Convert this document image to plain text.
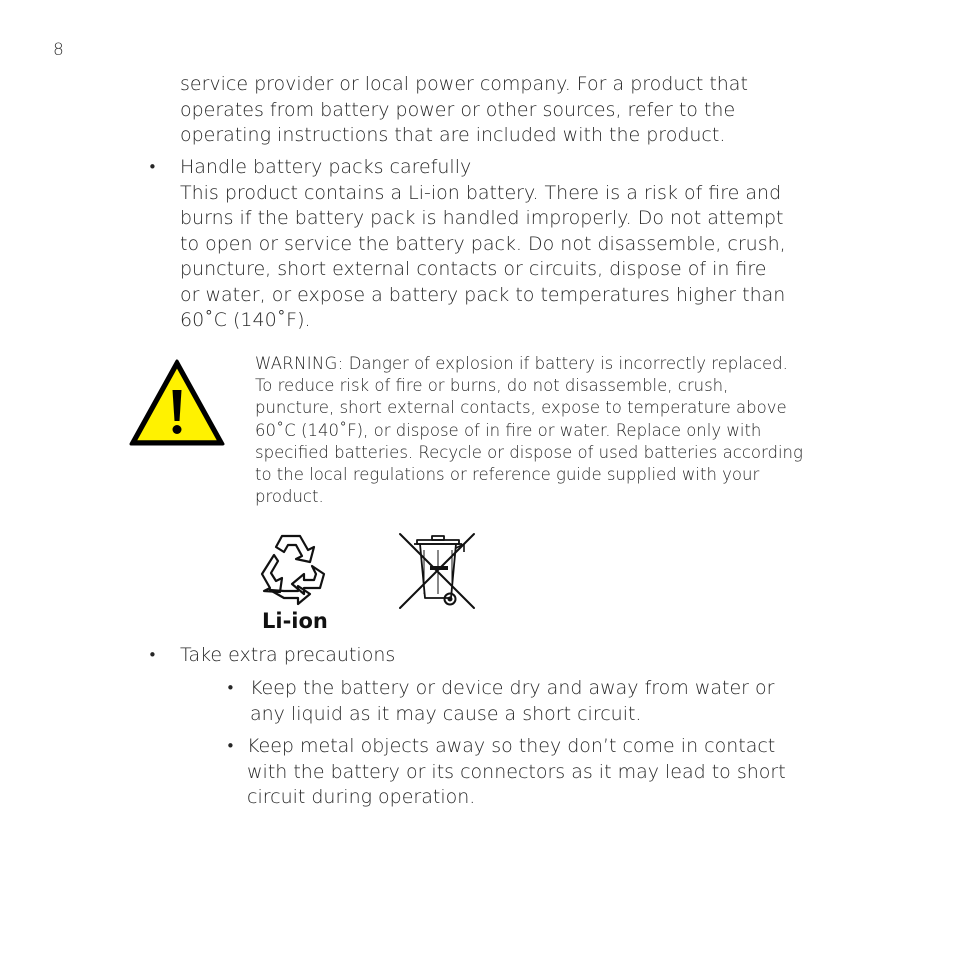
8
service provider or local power company. For a product that
operates from battery power or other sources, refer to the
operating instructions that are included with the product.
• Handle battery packs carefully
This product contains a Li-ion battery. There is a risk of fire and
burns if the battery pack is handled improperly. Do not attempt
to open or service the battery pack. Do not disassemble, crush,
puncture, short external contacts or circuits, dispose of in fire
or water, or expose a battery pack to temperatures higher than
60˚C (140˚F).
WARNING: Danger of explosion if battery is incorrectly replaced.
To reduce risk of fire or burns, do not disassemble, crush,
puncture, short external contacts, expose to temperature above
60˚C (140˚F), or dispose of in fire or water. Replace only with
specified batteries. Recycle or dispose of used batteries according
to the local regulations or reference guide supplied with your
product.
Li-ion
• Take extra precautions
• Keep the battery or device dry and away from water or
any liquid as it may cause a short circuit.
• Keep metal objects away so they don’t come in contact
with the battery or its connectors as it may lead to short
circuit during operation.
